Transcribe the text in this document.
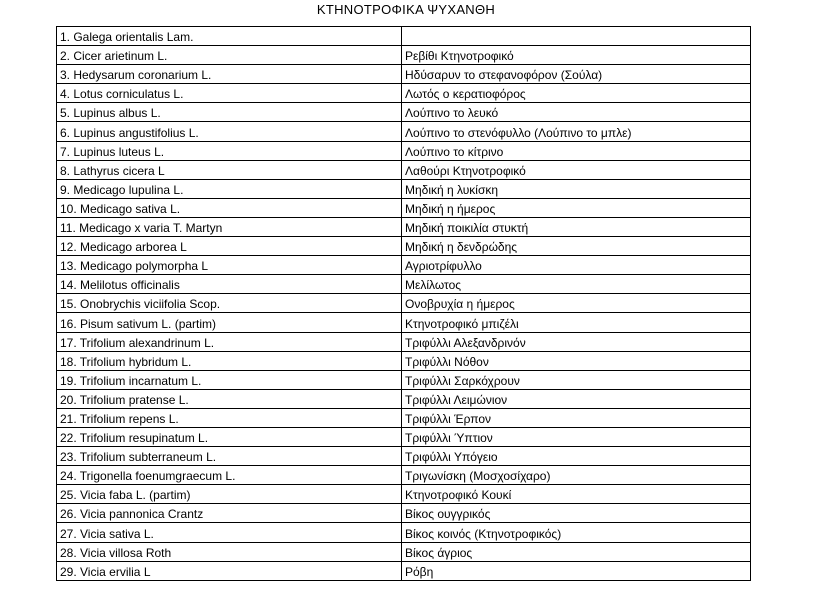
ΚΤΗΝΟΤΡΟΦΙΚΑ ΨΥΧΑΝΘΗ
1. Galega orientalis Lam.	
2. Cicer arietinum L.	Ρεβίθι Κτηνοτροφικό
3. Hedysarum coronarium L.	Ηδύσαρυν το στεφανοφόρον (Σούλα)
4. Lotus corniculatus L.	Λωτός ο κερατιοφόρος
5. Lupinus albus L.	Λούπινο το λευκό
6. Lupinus angustifolius L.	Λούπινο το στενόφυλλο (Λούπινο το μπλε)
7. Lupinus luteus L.	Λούπινο το κίτρινο
8. Lathyrus cicera L	Λαθούρι Κτηνοτροφικό
9. Medicago lupulina L.	Μηδική η λυκίσκη
10. Medicago sativa L.	Μηδική η ήμερος
11. Medicago x varia T. Martyn	Μηδική ποικιλία στυκτή
12. Medicago arborea L	Μηδική η δενδρώδης
13. Medicago polymorpha L	Αγριοτρίφυλλο
14. Melilotus officinalis	Μελίλωτος
15. Onobrychis viciifolia Scop.	Ονοβρυχία η ήμερος
16. Pisum sativum L. (partim)	Κτηνοτροφικό μπιζέλι
17. Trifolium alexandrinum L.	Τριφύλλι Αλεξανδρινόν
18. Trifolium hybridum L.	Τριφύλλι Νόθον
19. Trifolium incarnatum L.	Τριφύλλι Σαρκόχρουν
20. Trifolium pratense L.	Τριφύλλι Λειμώνιον
21. Trifolium repens L.	Τριφύλλι Έρπον
22. Trifolium resupinatum L.	Τριφύλλι Ύπτιον
23. Trifolium subterraneum L.	Τριφύλλι Υπόγειο
24. Trigonella foenumgraecum L.	Τριγωνίσκη (Μοσχοσίχαρο)
25. Vicia faba L. (partim)	Κτηνοτροφικό Κουκί
26. Vicia pannonica Crantz	Βίκος ουγγρικός
27. Vicia sativa L.	Βίκος κοινός (Κτηνοτροφικός)
28. Vicia villosa Roth	Βίκος άγριος
29. Vicia ervilia L	Ρόβη
